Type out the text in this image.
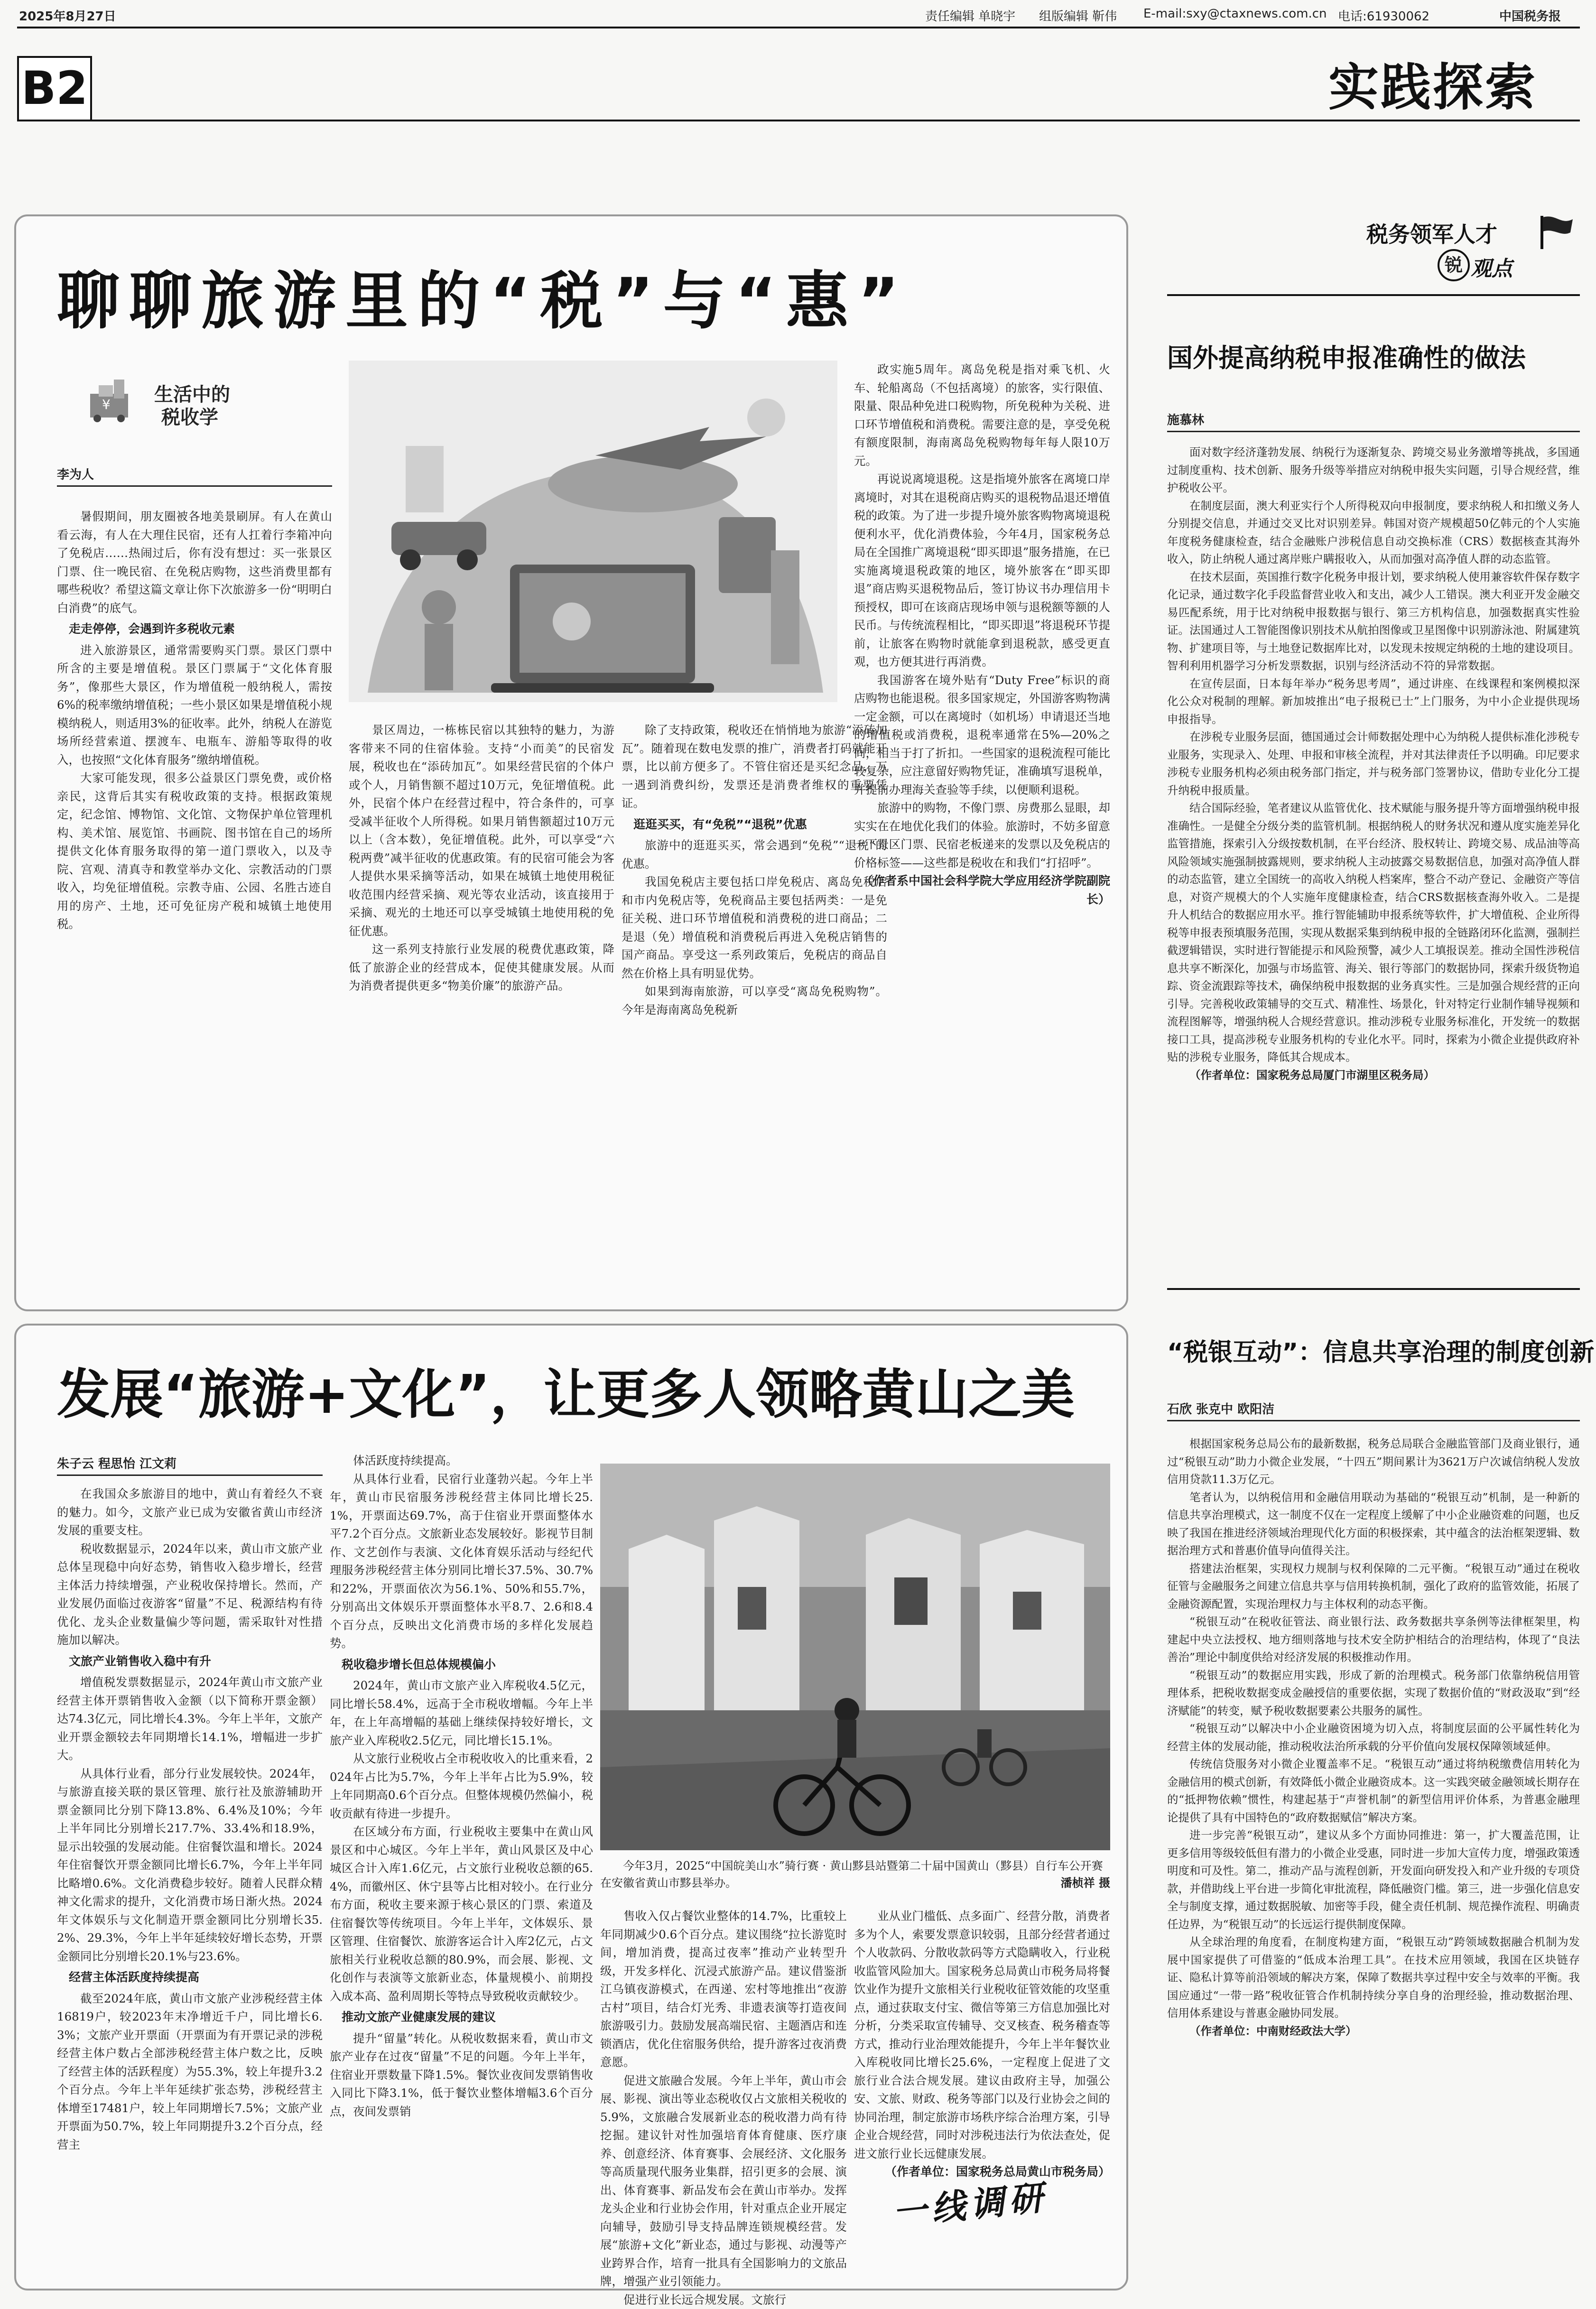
2025年8月27日	责任编辑 单晓宇 组版编辑 靳伟 E-mail:sxy@ctaxnews.com.cn 电话:61930062	中国税务报
B2	实践探索
聊聊旅游里的“税”与“惠”
¥ 生活中的
税收学
李为人

暑假期间，朋友圈被各地美景刷屏。有人在黄山看云海，有人在大理住民宿，还有人扛着行李箱冲向了免税店……热闹过后，你有没有想过：买一张景区门票、住一晚民宿、在免税店购物，这些消费里都有哪些税收？希望这篇文章让你下次旅游多一份“明明白白消费”的底气。

走走停停，会遇到许多税收元素

进入旅游景区，通常需要购买门票。景区门票中所含的主要是增值税。景区门票属于“文化体育服务”，像那些大景区，作为增值税一般纳税人，需按6%的税率缴纳增值税；一些小景区如果是增值税小规模纳税人，则适用3%的征收率。此外，纳税人在游览场所经营索道、摆渡车、电瓶车、游船等取得的收入，也按照“文化体育服务”缴纳增值税。

大家可能发现，很多公益景区门票免费，或价格亲民，这背后其实有税收政策的支持。根据政策规定，纪念馆、博物馆、文化馆、文物保护单位管理机构、美术馆、展览馆、书画院、图书馆在自己的场所提供文化体育服务取得的第一道门票收入，以及寺院、宫观、清真寺和教堂举办文化、宗教活动的门票收入，均免征增值税。宗教寺庙、公园、名胜古迹自用的房产、土地，还可免征房产税和城镇土地使用税。

景区周边，一栋栋民宿以其独特的魅力，为游客带来不同的住宿体验。支持“小而美”的民宿发展，税收也在“添砖加瓦”。如果经营民宿的个体户或个人，月销售额不超过10万元，免征增值税。此外，民宿个体户在经营过程中，符合条件的，可享受减半征收个人所得税。如果月销售额超过10万元以上（含本数），免征增值税。此外，可以享受“六税两费”减半征收的优惠政策。有的民宿可能会为客人提供水果采摘等活动，如果在城镇土地使用税征收范围内经营采摘、观光等农业活动，该直接用于采摘、观光的土地还可以享受城镇土地使用税的免征优惠。

这一系列支持旅行业发展的税费优惠政策，降低了旅游企业的经营成本，促使其健康发展。从而为消费者提供更多“物美价廉”的旅游产品。

除了支持政策，税收还在悄悄地为旅游“添砖加瓦”。随着现在数电发票的推广，消费者打码就能开票，比以前方便多了。不管住宿还是买纪念品，万一遇到消费纠纷，发票还是消费者维权的重要凭证。

逛逛买买，有“免税”“退税”优惠

旅游中的逛逛买买，常会遇到“免税”“退税”的优惠。

我国免税店主要包括口岸免税店、离岛免税店和市内免税店等，免税商品主要包括两类：一是免征关税、进口环节增值税和消费税的进口商品；二是退（免）增值税和消费税后再进入免税店销售的国产商品。享受这一系列政策后，免税店的商品自然在价格上具有明显优势。

如果到海南旅游，可以享受“离岛免税购物”。今年是海南离岛免税新

政实施5周年。离岛免税是指对乘飞机、火车、轮船离岛（不包括离境）的旅客，实行限值、限量、限品种免进口税购物，所免税种为关税、进口环节增值税和消费税。需要注意的是，享受免税有额度限制，海南离岛免税购物每年每人限10万元。

再说说离境退税。这是指境外旅客在离境口岸离境时，对其在退税商店购买的退税物品退还增值税的政策。为了进一步提升境外旅客购物离境退税便利水平，优化消费体验，今年4月，国家税务总局在全国推广离境退税“即买即退”服务措施，在已实施离境退税政策的地区，境外旅客在“即买即退”商店购买退税物品后，签订协议书办理信用卡预授权，即可在该商店现场申领与退税额等额的人民币。与传统流程相比，“即买即退”将退税环节提前，让旅客在购物时就能拿到退税款，感受更直观，也方便其进行再消费。

我国游客在境外贴有“Duty Free”标识的商店购物也能退税。很多国家规定，外国游客购物满一定金额，可以在离境时（如机场）申请退还当地的增值税或消费税，退税率通常在5%—20%之间，相当于打了折扣。一些国家的退税流程可能比较复杂，应注意留好购物凭证，准确填写退税单，并提前办理海关查验等手续，以便顺利退税。

旅游中的购物，不像门票、房费那么显眼，却实实在在地优化我们的体验。旅游时，不妨多留意一下景区门票、民宿老板递来的发票以及免税店的价格标签——这些都是税收在和我们“打招呼”。

（作者系中国社会科学院大学应用经济学院副院长）

发展“旅游+文化”，让更多人领略黄山之美
朱子云 程思怡 江文莉
今年3月，2025“中国皖美山水”骑行赛 · 黄山黟县站暨第二十届中国黄山（黟县）自行车公开赛在安徽省黄山市黟县举办。	潘桢祥 摄

在我国众多旅游目的地中，黄山有着经久不衰的魅力。如今，文旅产业已成为安徽省黄山市经济发展的重要支柱。

税收数据显示，2024年以来，黄山市文旅产业总体呈现稳中向好态势，销售收入稳步增长，经营主体活力持续增强，产业税收保持增长。然而，产业发展仍面临过夜游客“留量”不足、税源结构有待优化、龙头企业数量偏少等问题，需采取针对性措施加以解决。

文旅产业销售收入稳中有升

增值税发票数据显示，2024年黄山市文旅产业经营主体开票销售收入金额（以下简称开票金额）达74.3亿元，同比增长4.3%。今年上半年，文旅产业开票金额较去年同期增长14.1%，增幅进一步扩大。

从具体行业看，部分行业发展较快。2024年，与旅游直接关联的景区管理、旅行社及旅游辅助开票金额同比分别下降13.8%、6.4%及10%；今年上半年同比分别增长217.7%、33.4%和18.9%，显示出较强的发展动能。住宿餐饮温和增长。2024年住宿餐饮开票金额同比增长6.7%，今年上半年同比略增0.6%。文化消费稳步较好。随着人民群众精神文化需求的提升，文化消费市场日渐火热。2024年文体娱乐与文化制造开票金额同比分别增长35.2%、29.3%，今年上半年延续较好增长态势，开票金额同比分别增长20.1%与23.6%。

经营主体活跃度持续提高

截至2024年底，黄山市文旅产业涉税经营主体16819户，较2023年末净增近千户，同比增长6.3%；文旅产业开票面（开票面为有开票记录的涉税经营主体户数占全部涉税经营主体户数之比，反映了经营主体的活跃程度）为55.3%，较上年提升3.2个百分点。今年上半年延续扩张态势，涉税经营主体增至17481户，较上年同期增长7.5%；文旅产业开票面为50.7%，较上年同期提升3.2个百分点，经营主

体活跃度持续提高。

从具体行业看，民宿行业蓬勃兴起。今年上半年，黄山市民宿服务涉税经营主体同比增长25.1%，开票面达69.7%，高于住宿业开票面整体水平7.2个百分点。文旅新业态发展较好。影视节目制作、文艺创作与表演、文化体育娱乐活动与经纪代理服务涉税经营主体分别同比增长37.5%、30.7%和22%，开票面依次为56.1%、50%和55.7%，分别高出文体娱乐开票面整体水平8.7、2.6和8.4个百分点，反映出文化消费市场的多样化发展趋势。

税收稳步增长但总体规模偏小

2024年，黄山市文旅产业入库税收4.5亿元，同比增长58.4%，远高于全市税收增幅。今年上半年，在上年高增幅的基础上继续保持较好增长，文旅产业入库税收2.5亿元，同比增长15.1%。

从文旅行业税收占全市税收收入的比重来看，2024年占比为5.7%，今年上半年占比为5.9%，较上年同期高0.6个百分点。但整体规模仍然偏小，税收贡献有待进一步提升。

在区域分布方面，行业税收主要集中在黄山风景区和中心城区。今年上半年，黄山风景区及中心城区合计入库1.6亿元，占文旅行业税收总额的65.4%，而徽州区、休宁县等占比相对较小。在行业分布方面，税收主要来源于核心景区的门票、索道及住宿餐饮等传统项目。今年上半年，文体娱乐、景区管理、住宿餐饮、旅游客运合计入库2亿元，占文旅相关行业税收总额的80.9%，而会展、影视、文化创作与表演等文旅新业态，体量规模小、前期投入成本高、盈利周期长等特点导致税收贡献较少。

推动文旅产业健康发展的建议

提升“留量”转化。从税收数据来看，黄山市文旅产业存在过夜“留量”不足的问题。今年上半年，住宿业开票数量下降1.5%。餐饮业夜间发票销售收入同比下降3.1%，低于餐饮业整体增幅3.6个百分点，夜间发票销

售收入仅占餐饮业整体的14.7%，比重较上年同期减少0.6个百分点。建议围绕“拉长游览时间，增加消费，提高过夜率”推动产业转型升级，开发多样化、沉浸式旅游产品。建议借鉴浙江乌镇夜游模式，在西递、宏村等地推出“夜游古村”项目，结合灯光秀、非遗表演等打造夜间旅游吸引力。鼓励发展高端民宿、主题酒店和连锁酒店，优化住宿服务供给，提升游客过夜消费意愿。

促进文旅融合发展。今年上半年，黄山市会展、影视、演出等业态税收仅占文旅相关税收的5.9%，文旅融合发展新业态的税收潜力尚有待挖掘。建议针对性加强培育体育健康、医疗康养、创意经济、体育赛事、会展经济、文化服务等高质量现代服务业集群，招引更多的会展、演出、体育赛事、新品发布会在黄山市举办。发挥龙头企业和行业协会作用，针对重点企业开展定向辅导，鼓励引导支持品牌连锁规模经营。发展“旅游+文化”新业态，通过与影视、动漫等产业跨界合作，培育一批具有全国影响力的文旅品牌，增强产业引领能力。

促进行业长远合规发展。文旅行

业从业门槛低、点多面广、经营分散，消费者多为个人，索要发票意识较弱，且部分经营者通过个人收款码、分散收款码等方式隐瞒收入，行业税收监管风险加大。国家税务总局黄山市税务局将餐饮业作为提升文旅相关行业税收征管效能的攻坚重点，通过获取支付宝、微信等第三方信息加强比对分析，分类采取宣传辅导、交叉核查、税务稽查等方式，推动行业治理效能提升，今年上半年餐饮业入库税收同比增长25.6%，一定程度上促进了文旅行业合法合规发展。建议由政府主导，加强公安、文旅、财政、税务等部门以及行业协会之间的协同治理，制定旅游市场秩序综合治理方案，引导企业合规经营，同时对涉税违法行为依法查处，促进文旅行业长远健康发展。

（作者单位：国家税务总局黄山市税务局）

一线调研
税务领军人才
锐 观点
国外提高纳税申报准确性的做法
施慕林

面对数字经济蓬勃发展、纳税行为逐渐复杂、跨境交易业务激增等挑战，多国通过制度重构、技术创新、服务升级等举措应对纳税申报失实问题，引导合规经营，维护税收公平。

在制度层面，澳大利亚实行个人所得税双向申报制度，要求纳税人和扣缴义务人分别提交信息，并通过交叉比对识别差异。韩国对资产规模超50亿韩元的个人实施年度税务健康检查，结合金融账户涉税信息自动交换标准（CRS）数据核查其海外收入，防止纳税人通过离岸账户瞒报收入，从而加强对高净值人群的动态监管。

在技术层面，英国推行数字化税务申报计划，要求纳税人使用兼容软件保存数字化记录，通过数字化手段监督营业收入和支出，减少人工错误。澳大利亚开发金融交易匹配系统，用于比对纳税申报数据与银行、第三方机构信息，加强数据真实性验证。法国通过人工智能图像识别技术从航拍图像或卫星图像中识别游泳池、附属建筑物、扩建项目等，与土地登记数据库比对，以发现未按规定纳税的土地的建设项目。智利利用机器学习分析发票数据，识别与经济活动不符的异常数据。

在宣传层面，日本每年举办“税务思考周”，通过讲座、在线课程和案例模拟深化公众对税制的理解。新加坡推出“电子报税已士”上门服务，为中小企业提供现场申报指导。

在涉税专业服务层面，德国通过会计师数据处理中心为纳税人提供标准化涉税专业服务，实现录入、处理、申报和审核全流程，并对其法律责任予以明确。印尼要求涉税专业服务机构必须由税务部门指定，并与税务部门签署协议，借助专业化分工提升纳税申报质量。

结合国际经验，笔者建议从监管优化、技术赋能与服务提升等方面增强纳税申报准确性。一是健全分级分类的监管机制。根据纳税人的财务状况和遵从度实施差异化监管措施，探索引入分级按数机制，在平台经济、股权转让、跨境交易、成品油等高风险领域实施强制披露规则，要求纳税人主动披露交易数据信息，加强对高净值人群的动态监管，建立全国统一的高收入纳税人档案库，整合不动产登记、金融资产等信息，对资产规模大的个人实施年度健康检查，结合CRS数据核查海外收入。二是提升人机结合的数据应用水平。推行智能辅助申报系统等软件，扩大增值税、企业所得税等申报表预填服务范围，实现从数据采集到纳税申报的全链路闭环化监测，强制拦截逻辑错误，实时进行智能提示和风险预警，减少人工填报误差。推动全国性涉税信息共享不断深化，加强与市场监管、海关、银行等部门的数据协同，探索升级货物追踪、资金流跟踪等技术，确保纳税申报数据的业务真实性。三是加强合规经营的正向引导。完善税收政策辅导的交互式、精准性、场景化，针对特定行业制作辅导视频和流程图解等，增强纳税人合规经营意识。推动涉税专业服务标准化，开发统一的数据接口工具，提高涉税专业服务机构的专业化水平。同时，探索为小微企业提供政府补贴的涉税专业服务，降低其合规成本。

（作者单位：国家税务总局厦门市湖里区税务局）

“税银互动”：信息共享治理的制度创新
石欣 张克中 欧阳洁

根据国家税务总局公布的最新数据，税务总局联合金融监管部门及商业银行，通过“税银互动”助力小微企业发展，“十四五”期间累计为3621万户次诚信纳税人发放信用贷款11.3万亿元。

笔者认为，以纳税信用和金融信用联动为基础的“税银互动”机制，是一种新的信息共享治理模式，这一制度不仅在一定程度上缓解了中小企业融资难的问题，也反映了我国在推进经济领域治理现代化方面的积极探索，其中蕴含的法治框架逻辑、数据治理方式和普惠价值导向值得关注。

搭建法治框架，实现权力规制与权利保障的二元平衡。“税银互动”通过在税收征管与金融服务之间建立信息共享与信用转换机制，强化了政府的监管效能，拓展了金融资源配置，实现治理权力与主体权利的动态平衡。

“税银互动”在税收征管法、商业银行法、政务数据共享条例等法律框架里，构建起中央立法授权、地方细则落地与技术安全防护相结合的治理结构，体现了“良法善治”理论中制度供给对经济发展的积极推动作用。

“税银互动”的数据应用实践，形成了新的治理模式。税务部门依靠纳税信用管理体系，把税收数据变成金融授信的重要依据，实现了数据价值的“财政汲取”到“经济赋能”的转变，赋予税收数据要素公共服务的属性。

“税银互动”以解决中小企业融资困境为切入点，将制度层面的公平属性转化为经营主体的发展动能，推动税收法治所承载的分平价值向发展权保障领域延伸。

传统信贷服务对小微企业覆盖率不足。“税银互动”通过将纳税缴费信用转化为金融信用的模式创新，有效降低小微企业融资成本。这一实践突破金融领域长期存在的“抵押物依赖”惯性，构建起基于“声誉机制”的新型信用评价体系，为普惠金融理论提供了具有中国特色的“政府数据赋信”解决方案。

进一步完善“税银互动”，建议从多个方面协同推进：第一，扩大覆盖范围，让更多信用等级较低但有潜力的小微企业受惠，同时进一步加大宣传力度，增强政策透明度和可及性。第二，推动产品与流程创新，开发面向研发投入和产业升级的专项贷款，并借助线上平台进一步简化审批流程，降低融资门槛。第三，进一步强化信息安全与制度支撑，通过数据脱敏、加密等手段，健全责任机制、规范操作流程、明确责任边界，为“税银互动”的长远运行提供制度保障。

从全球治理的角度看，在制度构建方面，“税银互动”跨领域数据融合机制为发展中国家提供了可借鉴的“低成本治理工具”。在技术应用领域，我国在区块链存证、隐私计算等前沿领域的解决方案，保障了数据共享过程中安全与效率的平衡。我国应通过“一带一路”税收征管合作机制持续分享自身的治理经验，推动数据治理、信用体系建设与普惠金融协同发展。

（作者单位：中南财经政法大学）
